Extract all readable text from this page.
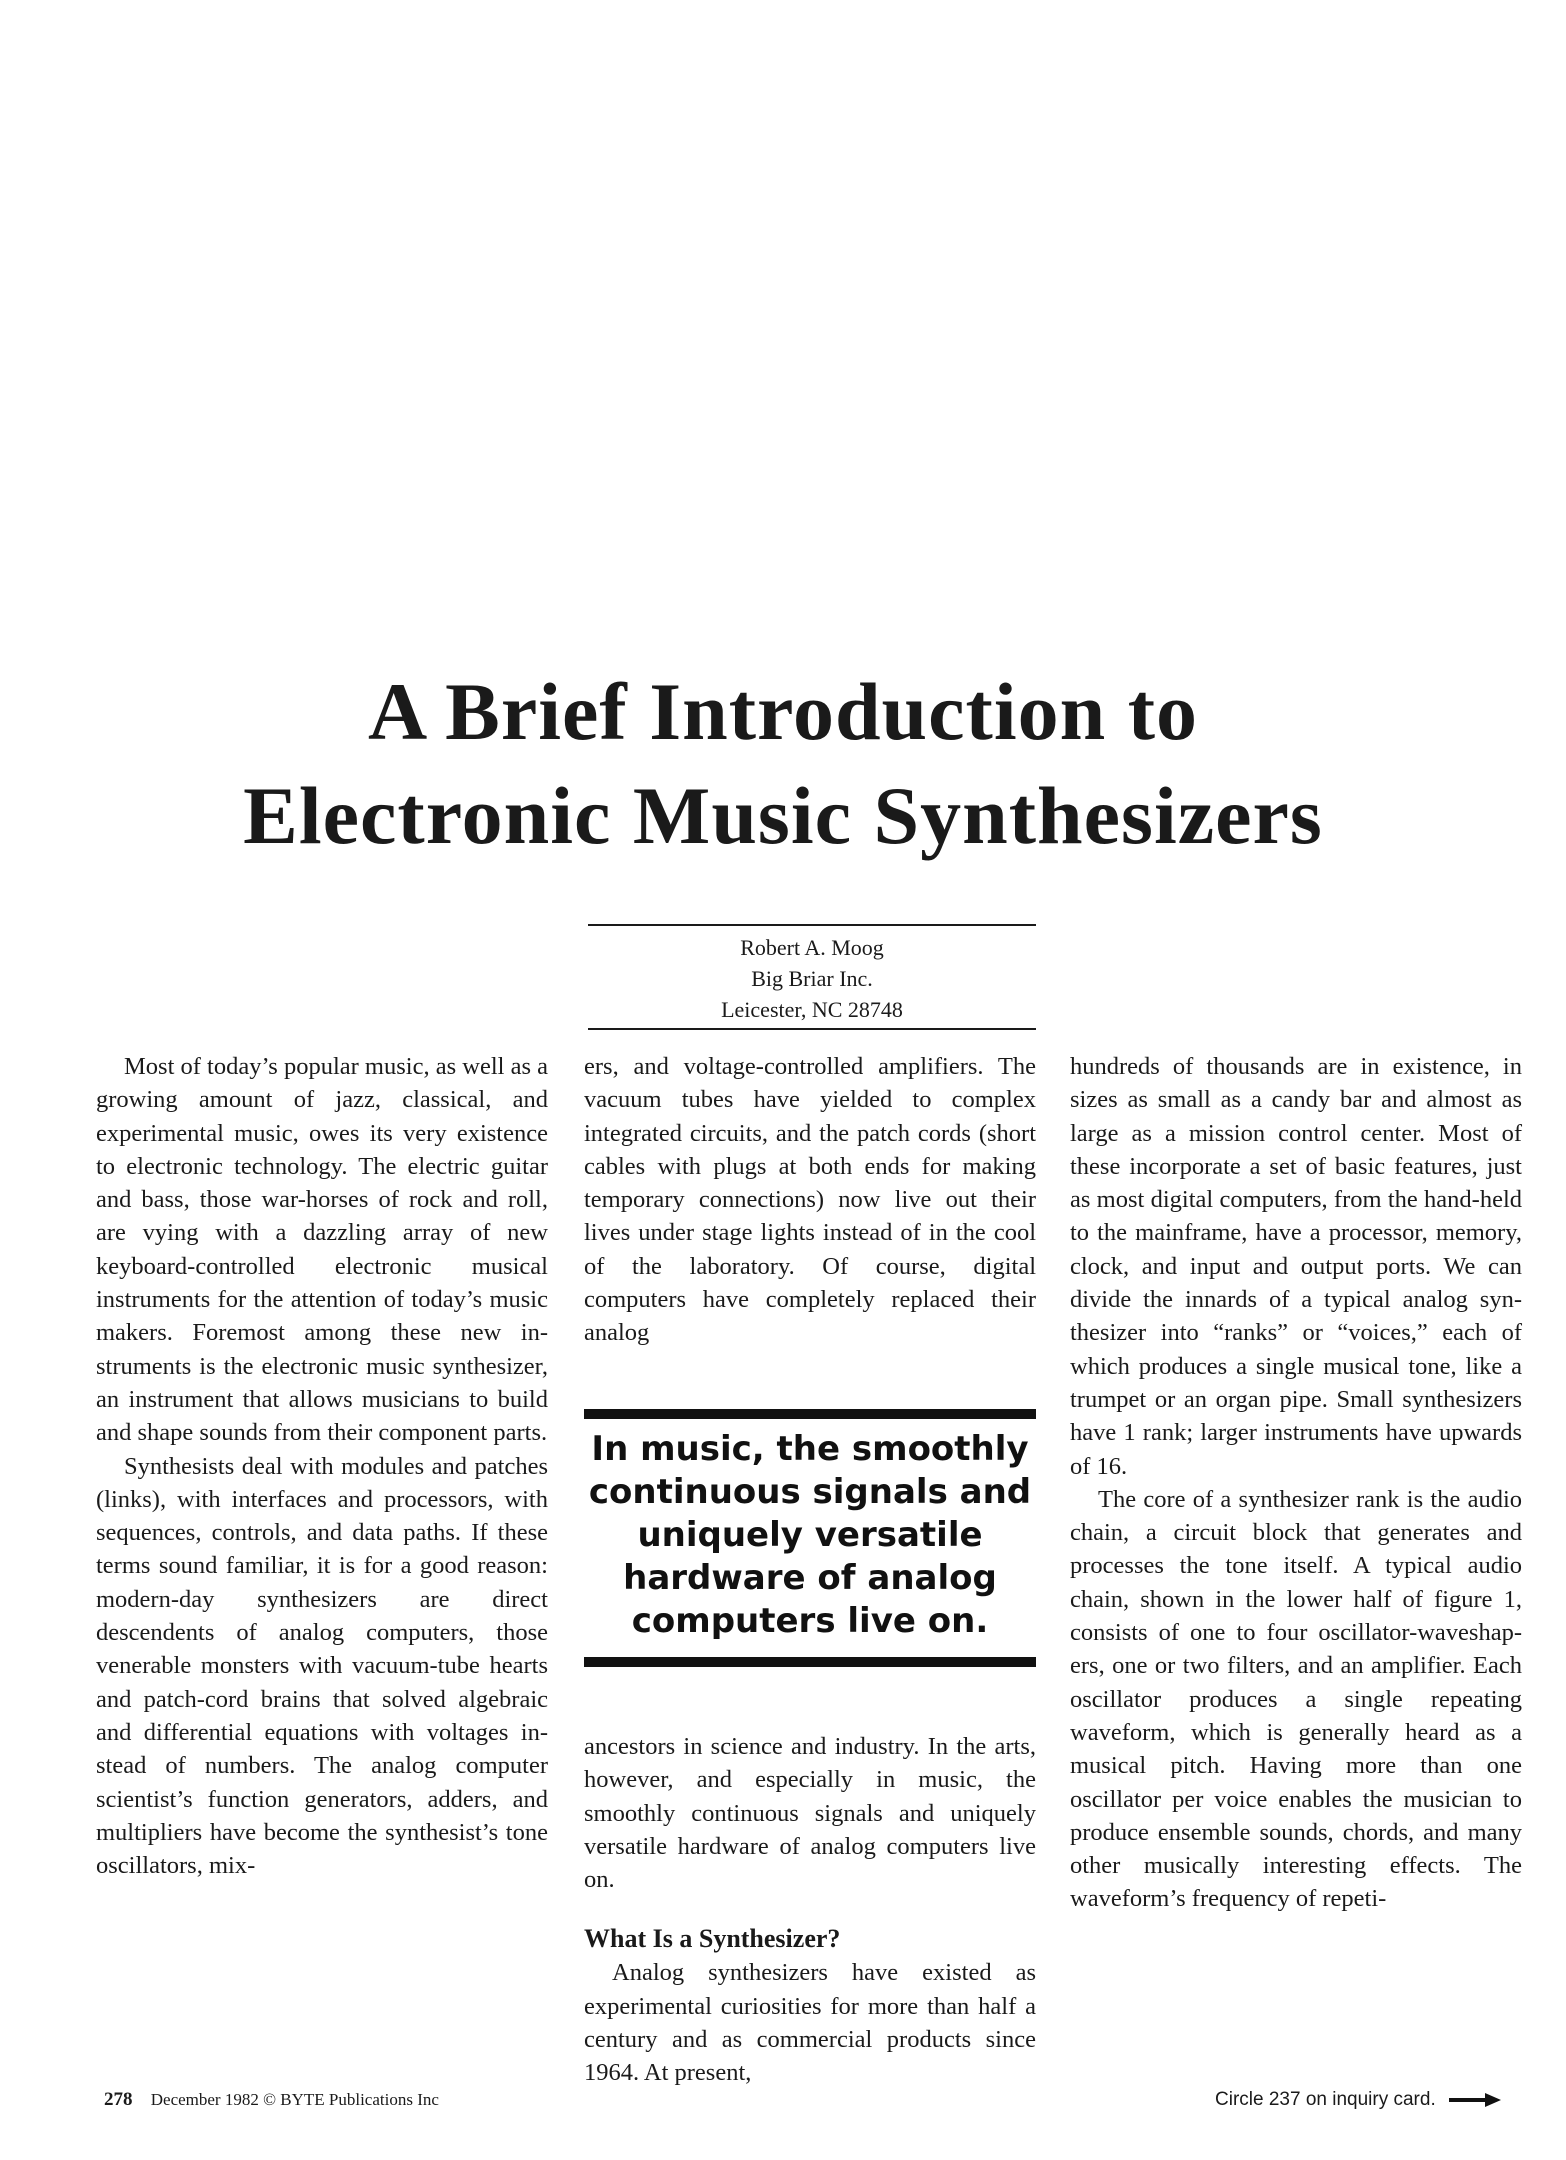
A Brief Introduction to
Electronic Music Synthesizers
Robert A. Moog
Big Briar Inc.
Leicester, NC 28748

Most of today’s popular music, as well as a growing amount of jazz, classical, and experimental music, owes its very existence to electronic technology. The electric guitar and bass, those war-horses of rock and roll, are vying with a dazzling array of new keyboard-controlled electronic musical instruments for the attention of today’s music makers. Foremost among these new instruments is the electronic music synthesizer, an instrument that allows musicians to build and shape sounds from their component parts.

Synthesists deal with modules and patches (links), with interfaces and processors, with sequences, controls, and data paths. If these terms sound familiar, it is for a good reason: modern-day synthesizers are direct descendents of analog computers, those venerable monsters with vacuum-tube hearts and patch-cord brains that solved algebraic and differential equations with voltages instead of numbers. The analog computer scientist’s function generators, adders, and multipliers have become the synthesist’s tone oscillators, mix-

ers, and voltage-controlled amplifiers. The vacuum tubes have yielded to complex integrated circuits, and the patch cords (short cables with plugs at both ends for making temporary connections) now live out their lives under stage lights instead of in the cool of the laboratory. Of course, digital computers have completely replaced their analog

In music, the smoothly continuous signals and uniquely versatile hardware of analog computers live on.

ancestors in science and industry. In the arts, however, and especially in music, the smoothly continuous signals and uniquely versatile hardware of analog computers live on.

What Is a Synthesizer?

Analog synthesizers have existed as experimental curiosities for more than half a century and as commercial products since 1964. At present,

hundreds of thousands are in existence, in sizes as small as a candy bar and almost as large as a mission control center. Most of these incorporate a set of basic features, just as most digital computers, from the hand-held to the mainframe, have a processor, memory, clock, and input and output ports. We can divide the innards of a typical analog synthesizer into “ranks” or “voices,” each of which produces a single musical tone, like a trumpet or an organ pipe. Small synthesizers have 1 rank; larger instruments have upwards of 16.

The core of a synthesizer rank is the audio chain, a circuit block that generates and processes the tone itself. A typical audio chain, shown in the lower half of figure 1, consists of one to four oscillator-waveshapers, one or two filters, and an amplifier. Each oscillator produces a single repeating waveform, which is generally heard as a musical pitch. Having more than one oscillator per voice enables the musician to produce ensemble sounds, chords, and many other musically interesting effects. The waveform’s frequency of repeti-

278 December 1982 © BYTE Publications Inc	Circle 237 on inquiry card.
